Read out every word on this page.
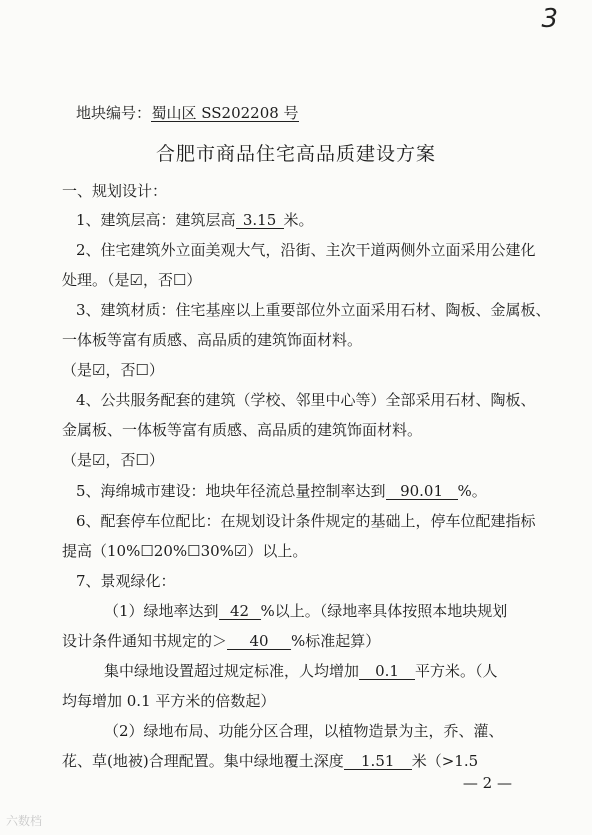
3
地块编号：蜀山区 SS202208 号
合肥市商品住宅高品质建设方案
一、规划设计：
1、建筑层高：建筑层高 3.15 米。
2、住宅建筑外立面美观大气，沿街、主次干道两侧外立面采用公建化
处理。（是☑，否☐）
3、建筑材质：住宅基座以上重要部位外立面采用石材、陶板、金属板、
一体板等富有质感、高品质的建筑饰面材料。
（是☑，否☐）
4、公共服务配套的建筑（学校、邻里中心等）全部采用石材、陶板、
金属板、一体板等富有质感、高品质的建筑饰面材料。
（是☑，否☐）
5、海绵城市建设：地块年径流总量控制率达到 90.01 %。
6、配套停车位配比：在规划设计条件规定的基础上，停车位配建指标
提高（10%☐20%☐30%☑）以上。
7、景观绿化：
（1）绿地率达到 42 %以上。（绿地率具体按照本地块规划
设计条件通知书规定的＞ 40 %标准起算）
集中绿地设置超过规定标准，人均增加 0.1 平方米。（人
均每增加 0.1 平方米的倍数起）
（2）绿地布局、功能分区合理，以植物造景为主，乔、灌、
花、草(地被)合理配置。集中绿地覆土深度 1.51 米（>1.5
— 2 —
六数档
